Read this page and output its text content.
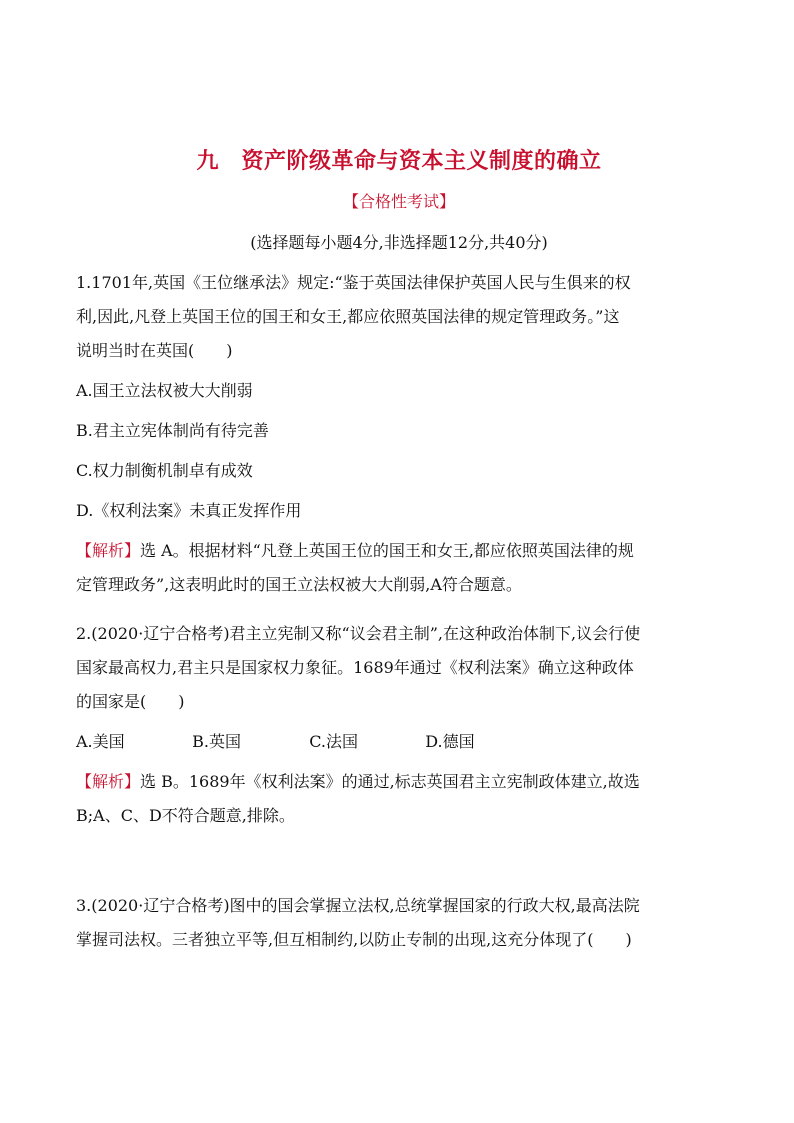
九　资产阶级革命与资本主义制度的确立
【合格性考试】
(选择题每小题4分,非选择题12分,共40分)
1.1701年,英国《王位继承法》规定:“鉴于英国法律保护英国人民与生俱来的权
利,因此,凡登上英国王位的国王和女王,都应依照英国法律的规定管理政务。”这
说明当时在英国(　　)
A.国王立法权被大大削弱
B.君主立宪体制尚有待完善
C.权力制衡机制卓有成效
D.《权利法案》未真正发挥作用
【解析】选 A。根据材料“凡登上英国王位的国王和女王,都应依照英国法律的规
定管理政务”,这表明此时的国王立法权被大大削弱,A符合题意。
2.(2020·辽宁合格考)君主立宪制又称“议会君主制”,在这种政治体制下,议会行使
国家最高权力,君主只是国家权力象征。1689年通过《权利法案》确立这种政体
的国家是(　　)
A.美国	B.英国	C.法国	D.德国
【解析】选 B。1689年《权利法案》的通过,标志英国君主立宪制政体建立,故选
B;A、C、D不符合题意,排除。
3.(2020·辽宁合格考)图中的国会掌握立法权,总统掌握国家的行政大权,最高法院
掌握司法权。三者独立平等,但互相制约,以防止专制的出现,这充分体现了(　　)
